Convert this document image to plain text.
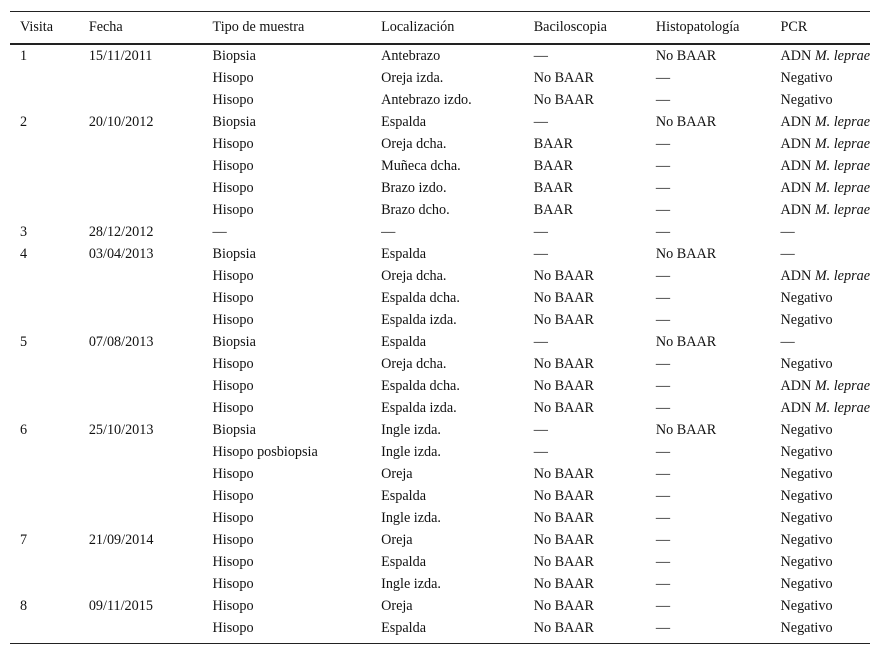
Visita	Fecha	Tipo de muestra	Localización	Baciloscopia	Histopatología	PCR
1	15/11/2011	Biopsia	Antebrazo	—	No BAAR	ADN M. leprae
		Hisopo	Oreja izda.	No BAAR	—	Negativo
		Hisopo	Antebrazo izdo.	No BAAR	—	Negativo
2	20/10/2012	Biopsia	Espalda	—	No BAAR	ADN M. leprae
		Hisopo	Oreja dcha.	BAAR	—	ADN M. leprae
		Hisopo	Muñeca dcha.	BAAR	—	ADN M. leprae
		Hisopo	Brazo izdo.	BAAR	—	ADN M. leprae
		Hisopo	Brazo dcho.	BAAR	—	ADN M. leprae
3	28/12/2012	—	—	—	—	—
4	03/04/2013	Biopsia	Espalda	—	No BAAR	—
		Hisopo	Oreja dcha.	No BAAR	—	ADN M. leprae
		Hisopo	Espalda dcha.	No BAAR	—	Negativo
		Hisopo	Espalda izda.	No BAAR	—	Negativo
5	07/08/2013	Biopsia	Espalda	—	No BAAR	—
		Hisopo	Oreja dcha.	No BAAR	—	Negativo
		Hisopo	Espalda dcha.	No BAAR	—	ADN M. leprae
		Hisopo	Espalda izda.	No BAAR	—	ADN M. leprae
6	25/10/2013	Biopsia	Ingle izda.	—	No BAAR	Negativo
		Hisopo posbiopsia	Ingle izda.	—	—	Negativo
		Hisopo	Oreja	No BAAR	—	Negativo
		Hisopo	Espalda	No BAAR	—	Negativo
		Hisopo	Ingle izda.	No BAAR	—	Negativo
7	21/09/2014	Hisopo	Oreja	No BAAR	—	Negativo
		Hisopo	Espalda	No BAAR	—	Negativo
		Hisopo	Ingle izda.	No BAAR	—	Negativo
8	09/11/2015	Hisopo	Oreja	No BAAR	—	Negativo
		Hisopo	Espalda	No BAAR	—	Negativo
